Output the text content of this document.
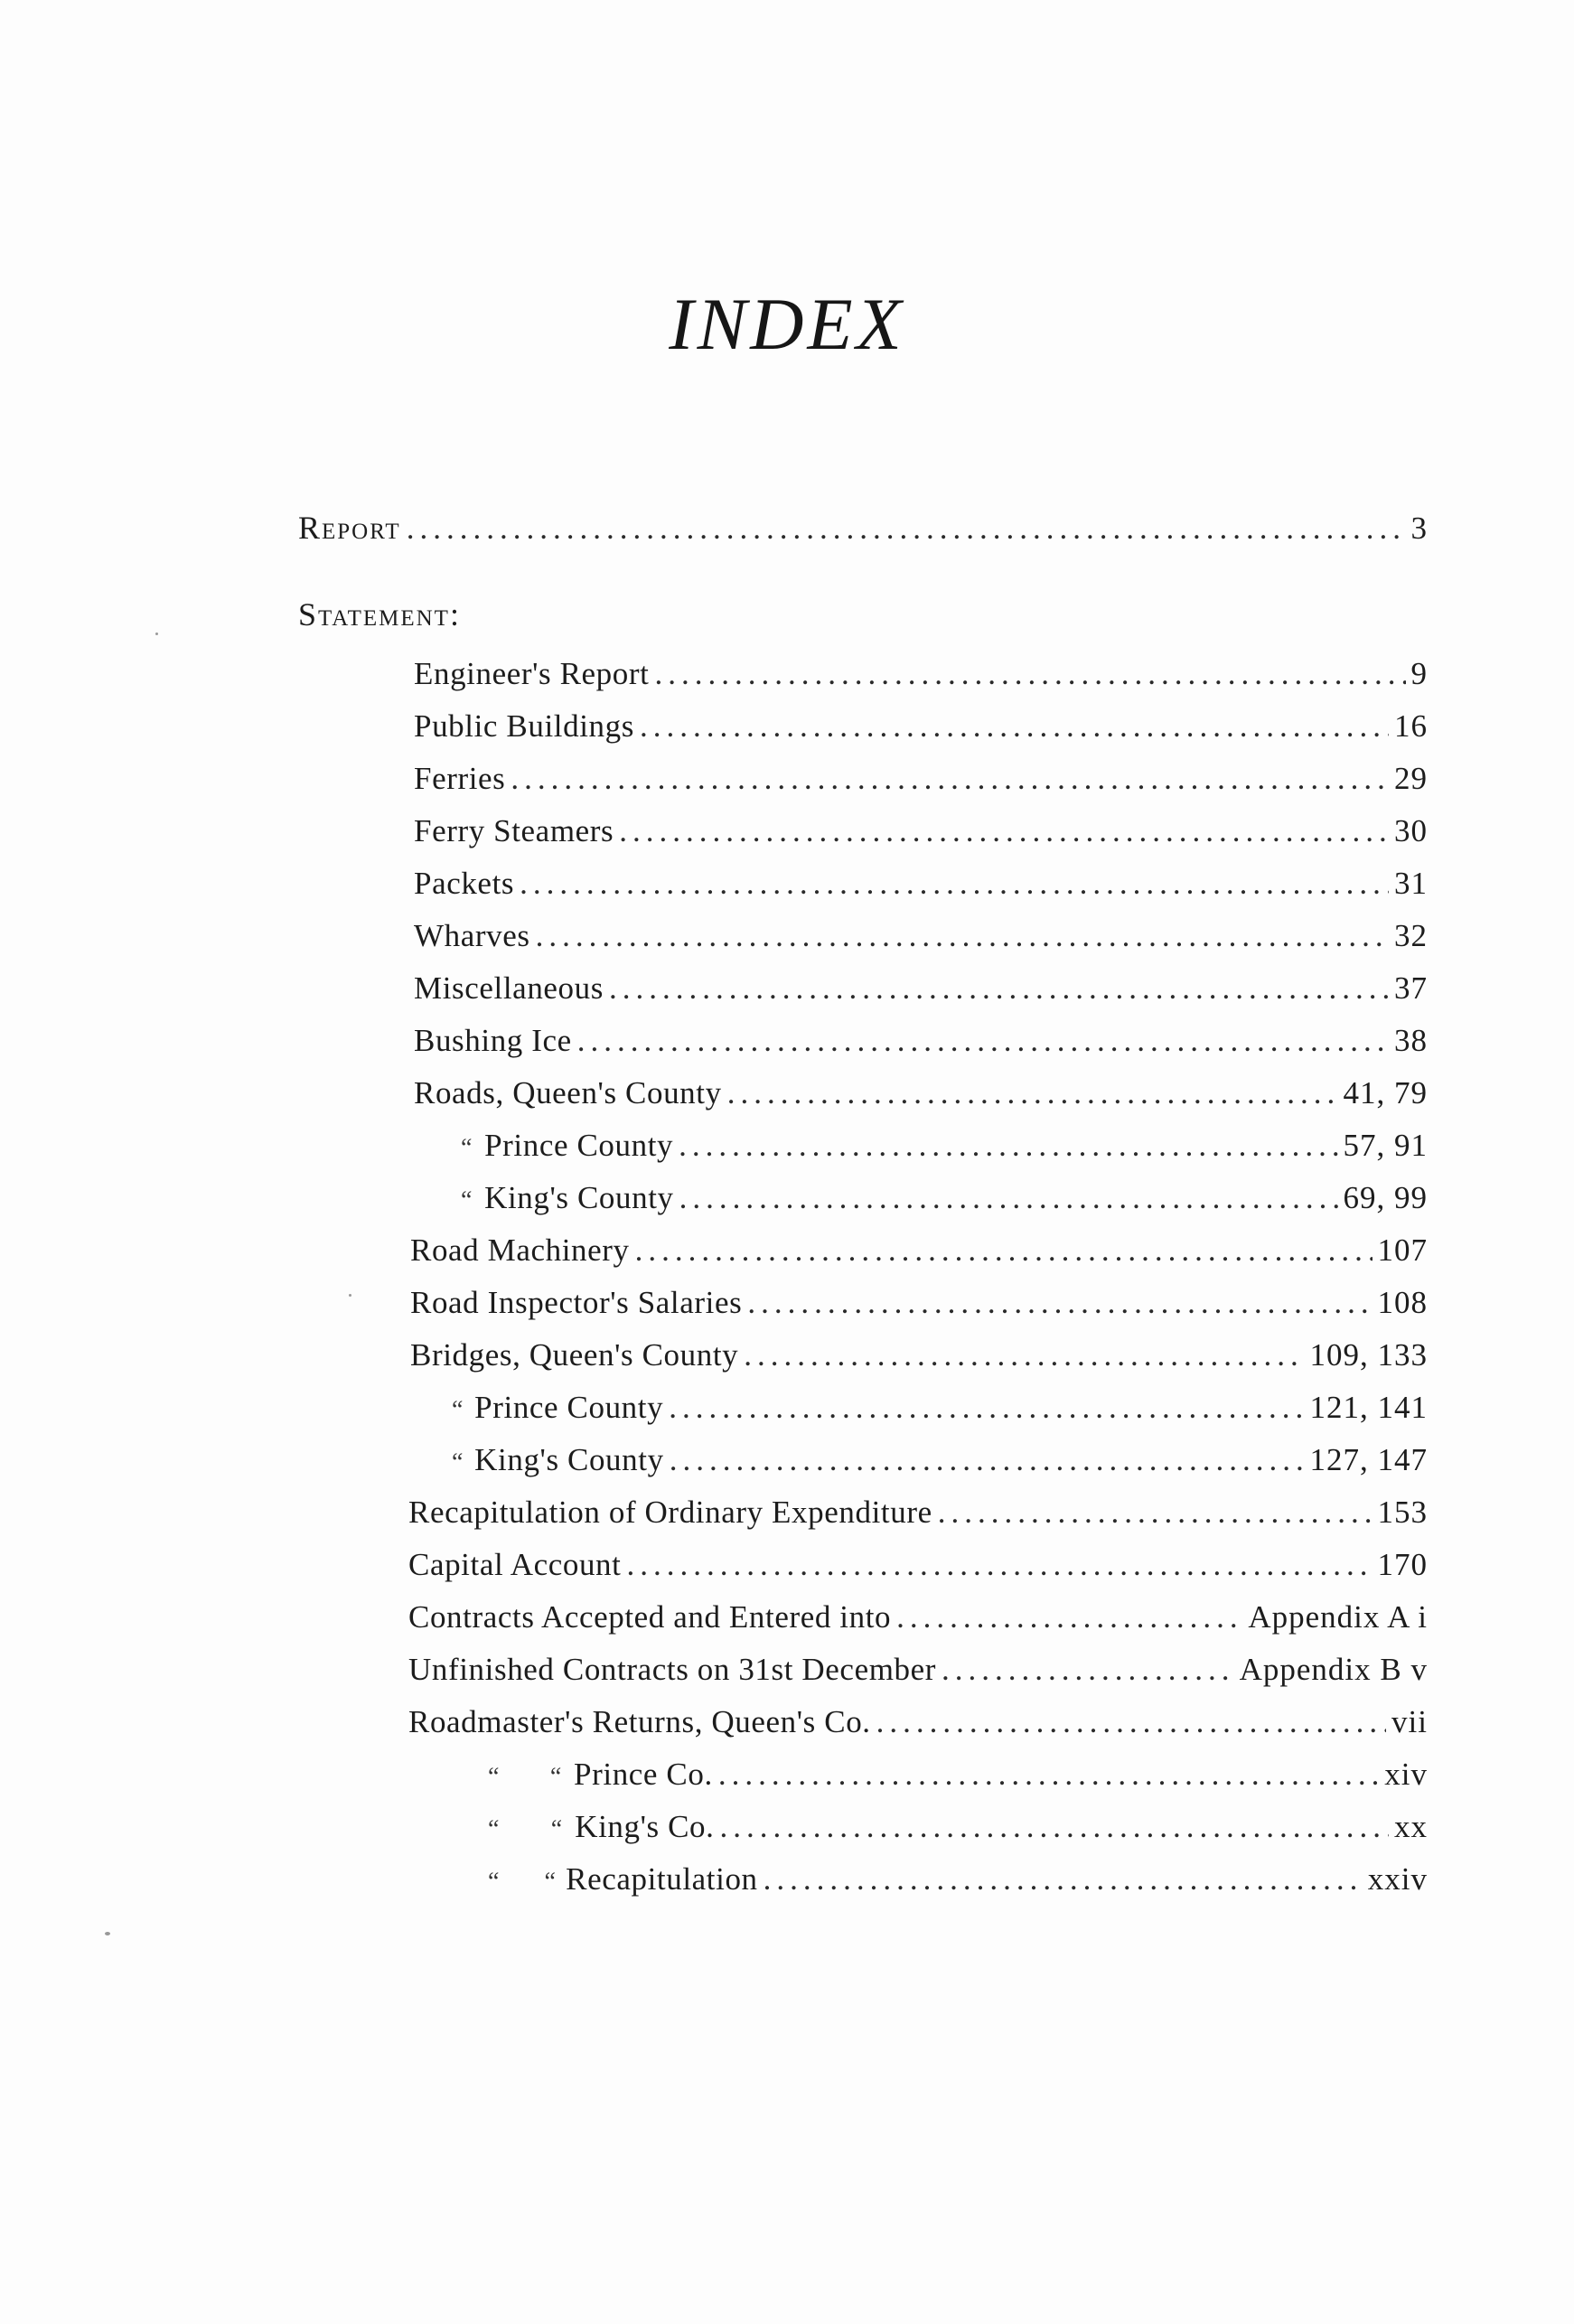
INDEX
Report .....	3
Statement:
Engineer's Report .....	9
Public Buildings .....	16
Ferries .....	29
Ferry Steamers .....	30
Packets .....	31
Wharves .....	32
Miscellaneous .....	37
Bushing Ice .....	38
Roads, Queen's County .....	41, 79
“ Prince County .....	57, 91
“ King's County .....	69, 99
Road Machinery .....	107
Road Inspector's Salaries .....	108
Bridges, Queen's County .....	109, 133
“ Prince County .....	121, 141
“ King's County .....	127, 147
Recapitulation of Ordinary Expenditure .....	153
Capital Account .....	170
Contracts Accepted and Entered into .....	Appendix A i
Unfinished Contracts on 31st December .....	Appendix B v
Roadmaster's Returns, Queen's Co. .....	vii
“	“ Prince Co. .....	xiv
“	“ King's Co. .....	xx
“	“ Recapitulation .....	xxiv
